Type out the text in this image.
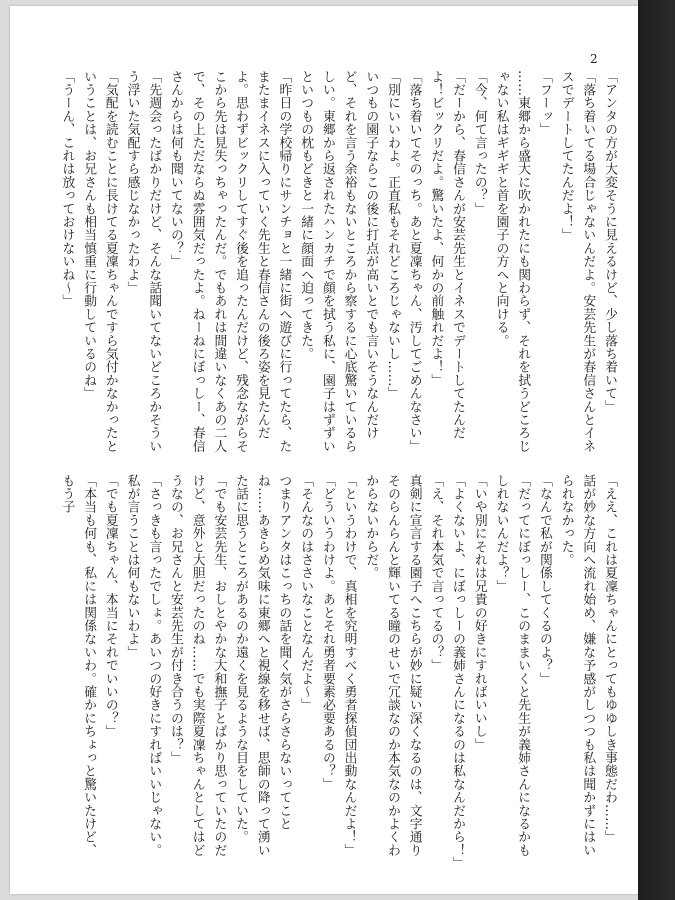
2

「アンタの方が大変そうに見えるけど、少し落ち着いて」

「落ち着いてる場合じゃないんだよ。安芸先生が春信さんとイネスでデートしてたんだよ！」

「フーッ」

……東郷から盛大に吹かれたにも関わらず、それを拭うどころじゃない私はギギギと首を園子の方へと向ける。

「今、何て言ったの？」

「だーから、春信さんが安芸先生とイネスでデートしてたんだよ！ビックリだよ。驚いたよ、何かの前触れだよ！」

「落ち着いてそのっち。あと夏凜ちゃん、汚してごめんなさい」

「別にいいわよ。正直私もそれどころじゃないし……」

いつもの園子ならこの後に打点が高いとでも言いそうなんだけど、それを言う余裕もないところから察するに心底驚いているらしい。東郷から返されたハンカチで顔を拭う私に、園子はずずいといつもの枕もどきと一緒に顔面へ迫ってきた。

「昨日の学校帰りにサンチョと一緒に街へ遊びに行ってたら、たまたまイネスに入っていく先生と春信さんの後ろ姿を見たんだよ。思わずビックリしてすぐ後を追ったんだけど、残念ながらそこから先は見失っちゃったんだ。でもあれは間違いなくあの二人で、その上ただならぬ雰囲気だったよ。ねーねにぼっしー、春信さんからは何も聞いてないの？」

「先週会ったばかりだけど、そんな話聞いてないどころかそういう浮いた気配すら感じなかったわよ」

「気配を読むことに長けてる夏凜ちゃんですら気付かなかったということは、お兄さんも相当慎重に行動しているのね」

「うーん、これは放っておけないね～」

「ええ、これは夏凜ちゃんにとってもゆゆしき事態だわ……」

話が妙な方向へ流れ始め、嫌な予感がしつつも私は聞かずにはいられなかった。

「なんで私が関係してくるのよ？」

「だってにぼっしー、このままいくと先生が義姉さんになるかもしれないんだよ？」

「いや別にそれは兄貴の好きにすればいいし」

「よくないよ、にぼっしーの義姉さんになるのは私なんだから！」

「え、それ本気で言ってるの？」

真剣に宣言する園子へこちらが妙に疑い深くなるのは、文字通りそのらんらんと輝いてる瞳のせいで冗談なのか本気なのかよくわからないからだ。

「というわけで、真相を究明すべく勇者探偵団出動なんだよ！」

「どういうわけよ。あとそれ勇者要素必要あるの？」

「そんなのはささいなことなんだよ～」

つまりアンタはこっちの話を聞く気がさらさらないってことね……あきらめ気味に東郷へと視線を移せば、思師の降って湧いた話に思うところがあるのか遠くを見るような目をしていた。

「でも安芸先生、おしとやかな大和撫子とばかり思っていたのだけど、意外と大胆だったのね……でも実際夏凜ちゃんとしてはどうなの、お兄さんと安芸先生が付き合うのは？」

「さっきも言ったでしょ。あいつの好きにすればいいじゃない。私が言うことは何もないわよ」

「でも夏凜ちゃん、本当にそれでいいの？」

「本当も何も、私には関係ないわ。確かにちょっと驚いたけど、もう子
